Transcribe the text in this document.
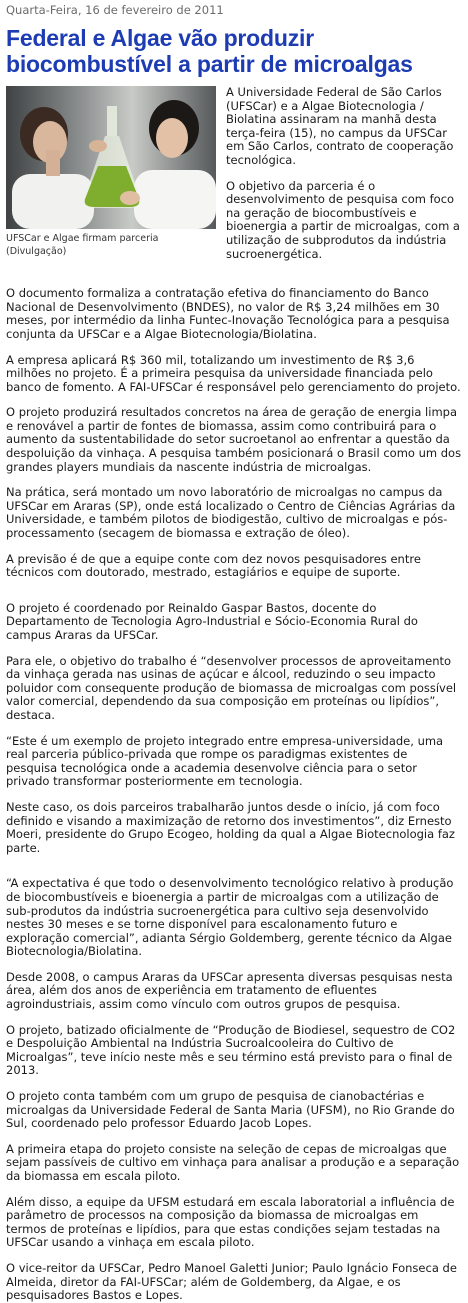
Quarta-Feira, 16 de fevereiro de 2011

Federal e Algae vão produzir biocombustível a partir de microalgas
UFSCar e Algae firmam parceria (Divulgação)

A Universidade Federal de São Carlos (UFSCar) e a Algae Biotecnologia / Biolatina assinaram na manhã desta terça-feira (15), no campus da UFSCar em São Carlos, contrato de cooperação tecnológica.

O objetivo da parceria é o desenvolvimento de pesquisa com foco na geração de biocombustíveis e bioenergia a partir de microalgas, com a utilização de subprodutos da indústria sucroenergética.

O documento formaliza a contratação efetiva do financiamento do Banco Nacional de Desenvolvimento (BNDES), no valor de R$ 3,24 milhões em 30 meses, por intermédio da linha Funtec-Inovação Tecnológica para a pesquisa conjunta da UFSCar e a Algae Biotecnologia/Biolatina.

A empresa aplicará R$ 360 mil, totalizando um investimento de R$ 3,6 milhões no projeto. É a primeira pesquisa da universidade financiada pelo banco de fomento. A FAI-UFSCar é responsável pelo gerenciamento do projeto.

O projeto produzirá resultados concretos na área de geração de energia limpa e renovável a partir de fontes de biomassa, assim como contribuirá para o aumento da sustentabilidade do setor sucroetanol ao enfrentar a questão da despoluição da vinhaça. A pesquisa também posicionará o Brasil como um dos grandes players mundiais da nascente indústria de microalgas.

Na prática, será montado um novo laboratório de microalgas no campus da UFSCar em Araras (SP), onde está localizado o Centro de Ciências Agrárias da Universidade, e também pilotos de biodigestão, cultivo de microalgas e pós-processamento (secagem de biomassa e extração de óleo).

A previsão é de que a equipe conte com dez novos pesquisadores entre técnicos com doutorado, mestrado, estagiários e equipe de suporte.

O projeto é coordenado por Reinaldo Gaspar Bastos, docente do Departamento de Tecnologia Agro-Industrial e Sócio-Economia Rural do campus Araras da UFSCar.

Para ele, o objetivo do trabalho é “desenvolver processos de aproveitamento da vinhaça gerada nas usinas de açúcar e álcool, reduzindo o seu impacto poluidor com consequente produção de biomassa de microalgas com possível valor comercial, dependendo da sua composição em proteínas ou lipídios”, destaca.

“Este é um exemplo de projeto integrado entre empresa-universidade, uma real parceria público-privada que rompe os paradigmas existentes de pesquisa tecnológica onde a academia desenvolve ciência para o setor privado transformar posteriormente em tecnologia.

Neste caso, os dois parceiros trabalharão juntos desde o início, já com foco definido e visando a maximização de retorno dos investimentos”, diz Ernesto Moeri, presidente do Grupo Ecogeo, holding da qual a Algae Biotecnologia faz parte.

“A expectativa é que todo o desenvolvimento tecnológico relativo à produção de biocombustíveis e bioenergia a partir de microalgas com a utilização de sub-produtos da indústria sucroenergética para cultivo seja desenvolvido nestes 30 meses e se torne disponível para escalonamento futuro e exploração comercial”, adianta Sérgio Goldemberg, gerente técnico da Algae Biotecnologia/Biolatina.

Desde 2008, o campus Araras da UFSCar apresenta diversas pesquisas nesta área, além dos anos de experiência em tratamento de efluentes agroindustriais, assim como vínculo com outros grupos de pesquisa.

O projeto, batizado oficialmente de “Produção de Biodiesel, sequestro de CO2 e Despoluição Ambiental na Indústria Sucroalcooleira do Cultivo de Microalgas”, teve início neste mês e seu término está previsto para o final de 2013.

O projeto conta também com um grupo de pesquisa de cianobactérias e microalgas da Universidade Federal de Santa Maria (UFSM), no Rio Grande do Sul, coordenado pelo professor Eduardo Jacob Lopes.

A primeira etapa do projeto consiste na seleção de cepas de microalgas que sejam passíveis de cultivo em vinhaça para analisar a produção e a separação da biomassa em escala piloto.

Além disso, a equipe da UFSM estudará em escala laboratorial a influência de parâmetro de processos na composição da biomassa de microalgas em termos de proteínas e lipídios, para que estas condições sejam testadas na UFSCar usando a vinhaça em escala piloto.

O vice-reitor da UFSCar, Pedro Manoel Galetti Junior; Paulo Ignácio Fonseca de Almeida, diretor da FAI-UFSCar; além de Goldemberg, da Algae, e os pesquisadores Bastos e Lopes.
